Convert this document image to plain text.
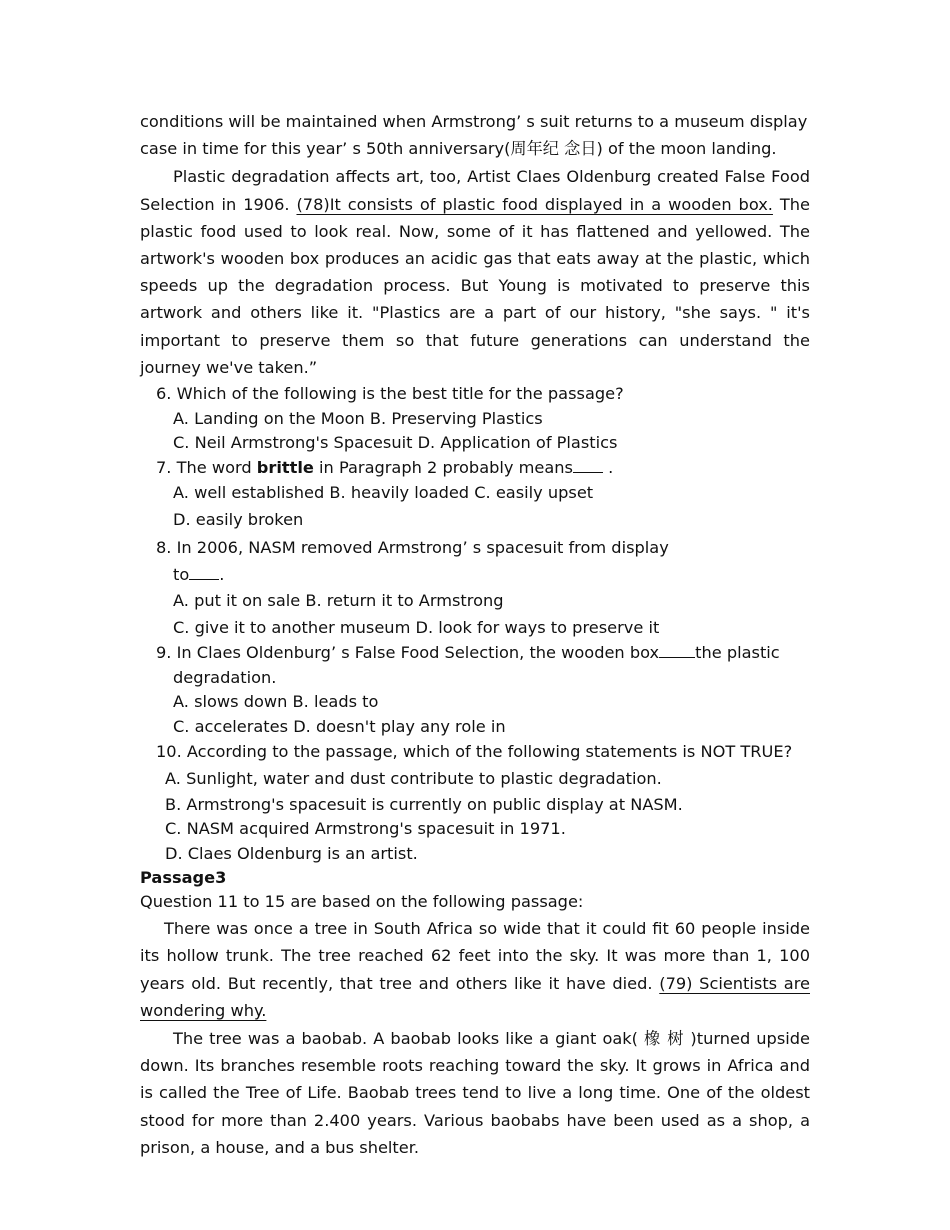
conditions will be maintained when Armstrong’ s suit returns to a museum display
case in time for this year’ s 50th anniversary(周年纪 念日) of the moon landing.

Plastic degradation affects art, too, Artist Claes Oldenburg created False Food Selection in 1906. (78)It consists of plastic food displayed in a wooden box. The plastic food used to look real. Now, some of it has flattened and yellowed. The artwork's wooden box produces an acidic gas that eats away at the plastic, which speeds up the degradation process. But Young is motivated to preserve this artwork and others like it. "Plastics are a part of our history, "she says. " it's important to preserve them so that future generations can understand the journey we've taken.”

6. Which of the following is the best title for the passage?

A. Landing on the Moon B. Preserving Plastics

C. Neil Armstrong's Spacesuit D. Application of Plastics

7. The word brittle in Paragraph 2 probably means .

A. well established B. heavily loaded C. easily upset

D. easily broken

8. In 2006, NASM removed Armstrong’ s spacesuit from display

to .

A. put it on sale B. return it to Armstrong

C. give it to another museum D. look for ways to preserve it

9. In Claes Oldenburg’ s False Food Selection, the wooden box the plastic

degradation.

A. slows down B. leads to

C. accelerates D. doesn't play any role in

10. According to the passage, which of the following statements is NOT TRUE?

A. Sunlight, water and dust contribute to plastic degradation.

B. Armstrong's spacesuit is currently on public display at NASM.

C. NASM acquired Armstrong's spacesuit in 1971.

D. Claes Oldenburg is an artist.

Passage3

Question 11 to 15 are based on the following passage:

There was once a tree in South Africa so wide that it could fit 60 people inside its hollow trunk. The tree reached 62 feet into the sky. It was more than 1, 100 years old. But recently, that tree and others like it have died. (79) Scientists are wondering why.

The tree was a baobab. A baobab looks like a giant oak( 橡 树 )turned upside down. Its branches resemble roots reaching toward the sky. It grows in Africa and is called the Tree of Life. Baobab trees tend to live a long time. One of the oldest stood for more than 2.400 years. Various baobabs have been used as a shop, a prison, a house, and a bus shelter.
